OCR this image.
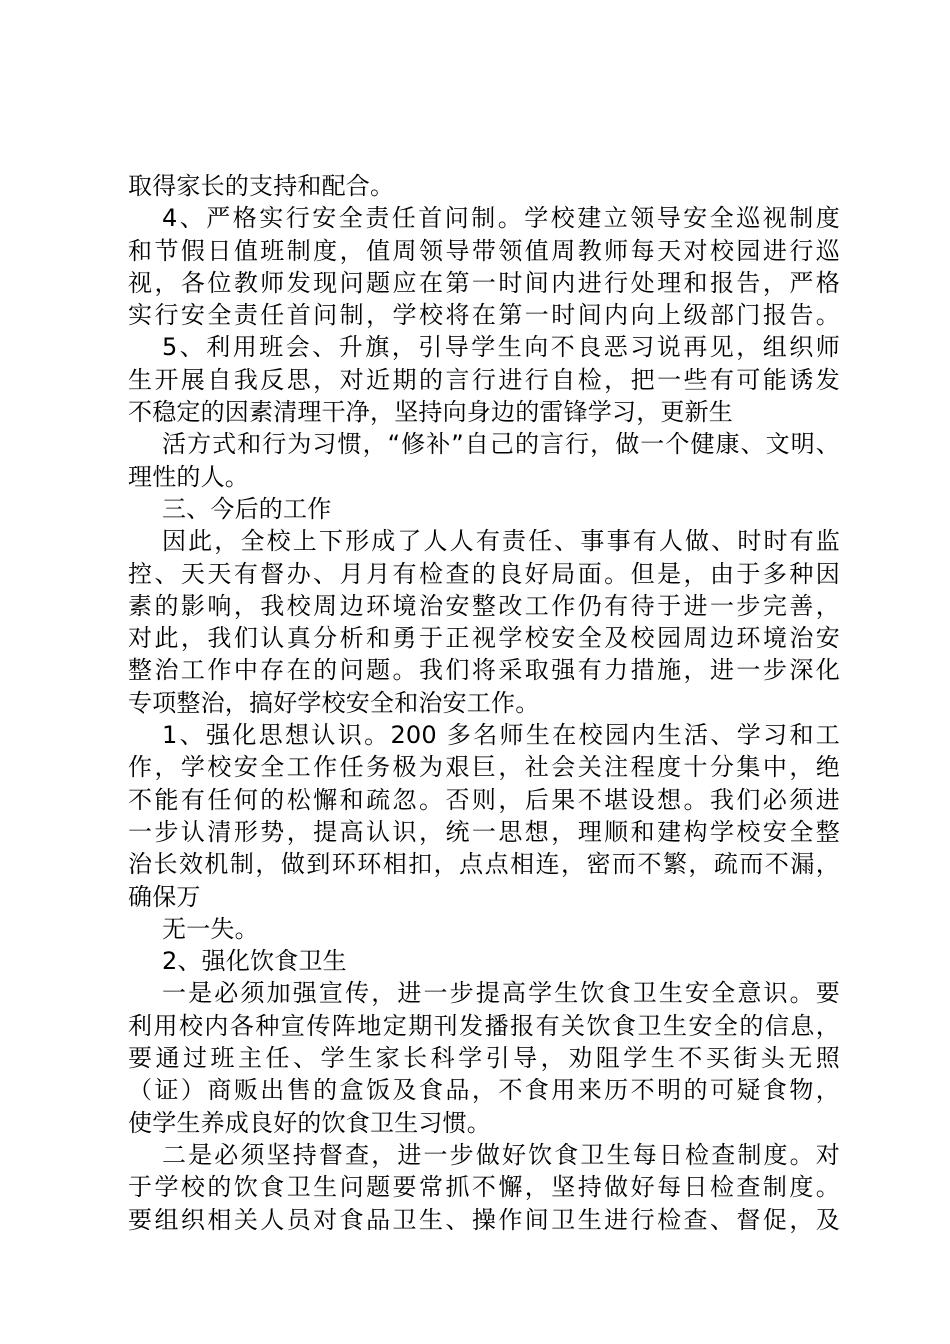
取得家长的支持和配合。
4、严格实行安全责任首问制。学校建立领导安全巡视制度
和节假日值班制度，值周领导带领值周教师每天对校园进行巡
视，各位教师发现问题应在第一时间内进行处理和报告，严格
实行安全责任首问制，学校将在第一时间内向上级部门报告。
5、利用班会、升旗，引导学生向不良恶习说再见，组织师
生开展自我反思，对近期的言行进行自检，把一些有可能诱发
不稳定的因素清理干净，坚持向身边的雷锋学习，更新生
活方式和行为习惯，“修补”自己的言行，做一个健康、文明、
理性的人。
三、今后的工作
因此，全校上下形成了人人有责任、事事有人做、时时有监
控、天天有督办、月月有检查的良好局面。但是，由于多种因
素的影响，我校周边环境治安整改工作仍有待于进一步完善，
对此，我们认真分析和勇于正视学校安全及校园周边环境治安
整治工作中存在的问题。我们将采取强有力措施，进一步深化
专项整治，搞好学校安全和治安工作。
1、强化思想认识。200 多名师生在校园内生活、学习和工
作，学校安全工作任务极为艰巨，社会关注程度十分集中，绝
不能有任何的松懈和疏忽。否则，后果不堪设想。我们必须进
一步认清形势，提高认识，统一思想，理顺和建构学校安全整
治长效机制，做到环环相扣，点点相连，密而不繁，疏而不漏，
确保万
无一失。
2、强化饮食卫生
一是必须加强宣传，进一步提高学生饮食卫生安全意识。要
利用校内各种宣传阵地定期刊发播报有关饮食卫生安全的信息，
要通过班主任、学生家长科学引导，劝阻学生不买街头无照
（证）商贩出售的盒饭及食品，不食用来历不明的可疑食物，
使学生养成良好的饮食卫生习惯。
二是必须坚持督查，进一步做好饮食卫生每日检查制度。对
于学校的饮食卫生问题要常抓不懈，坚持做好每日检查制度。
要组织相关人员对食品卫生、操作间卫生进行检查、督促，及
